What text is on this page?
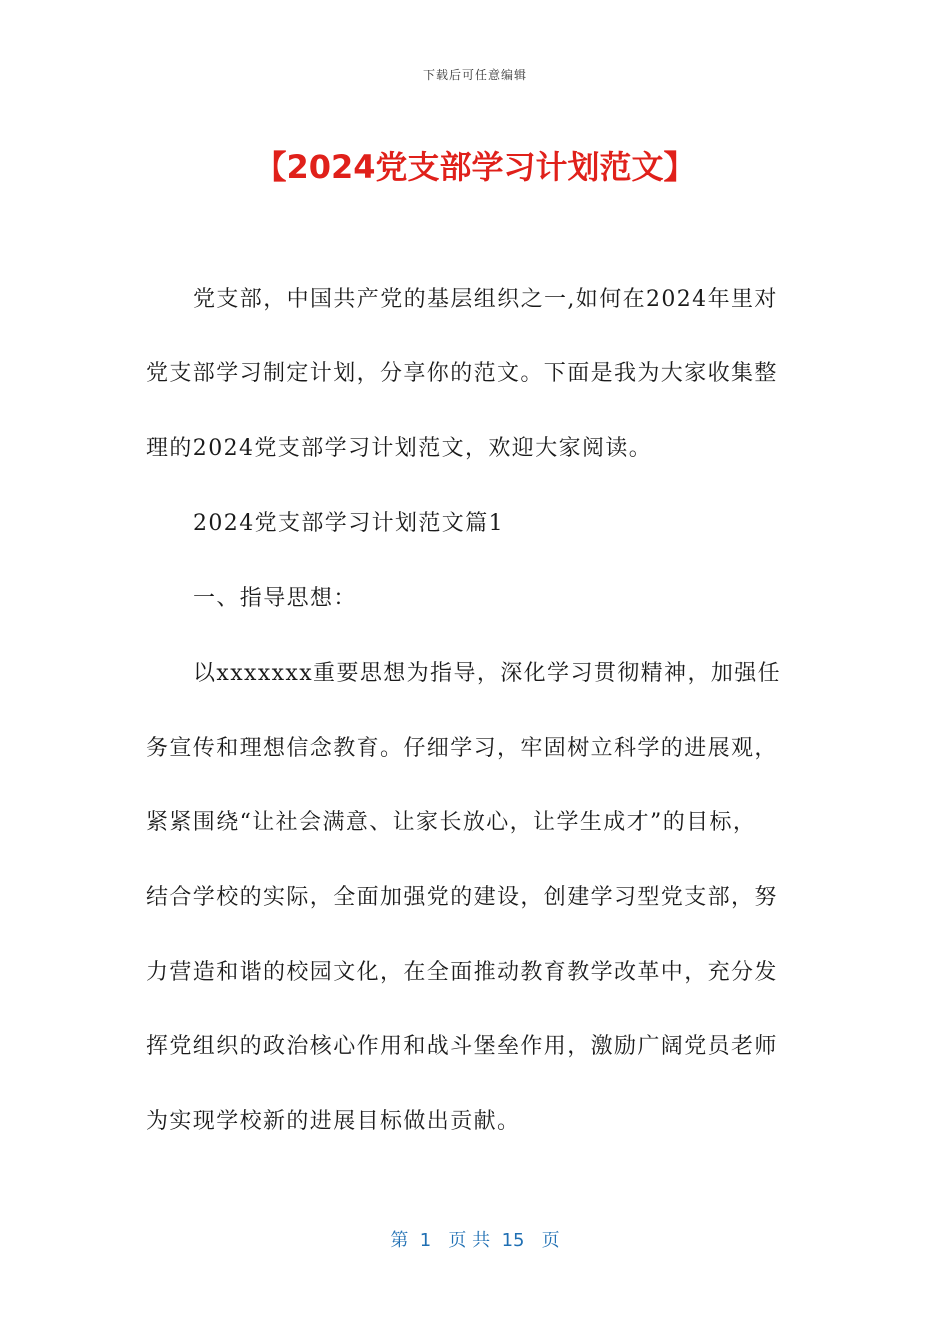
下载后可任意编辑
【2024党支部学习计划范文】
党支部，中国共产党的基层组织之一,如何在2024年里对
党支部学习制定计划，分享你的范文。下面是我为大家收集整
理的2024党支部学习计划范文，欢迎大家阅读。
2024党支部学习计划范文篇1
一、指导思想：
以xxxxxxx重要思想为指导，深化学习贯彻精神，加强任
务宣传和理想信念教育。仔细学习，牢固树立科学的进展观，
紧紧围绕“让社会满意、让家长放心，让学生成才”的目标，
结合学校的实际，全面加强党的建设，创建学习型党支部，努
力营造和谐的校园文化，在全面推动教育教学改革中，充分发
挥党组织的政治核心作用和战斗堡垒作用，激励广阔党员老师
为实现学校新的进展目标做出贡献。
第  1   页 共  15   页
